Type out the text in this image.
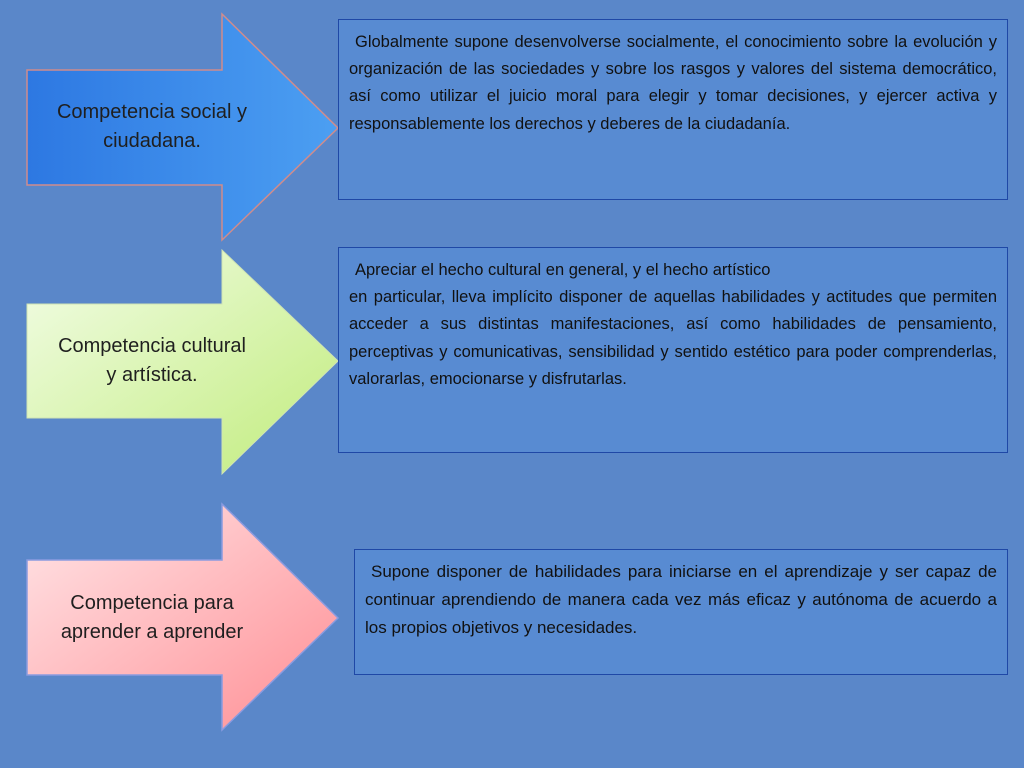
Competencia social y
ciudadana.

Globalmente supone desenvolverse socialmente, el conocimiento sobre la evolución y organización de las sociedades y sobre los rasgos y valores del sistema democrático, así como utilizar el juicio moral para elegir y tomar decisiones, y ejercer activa y responsablemente los derechos y deberes de la ciudadanía.

Competencia cultural
y artística.

Apreciar el hecho cultural en general, y el hecho artístico

en particular, lleva implícito disponer de aquellas habilidades y actitudes que permiten acceder a sus distintas manifestaciones, así como habilidades de pensamiento, perceptivas y comunicativas, sensibilidad y sentido estético para poder comprenderlas, valorarlas, emocionarse y disfrutarlas.

Competencia para
aprender a aprender

Supone disponer de habilidades para iniciarse en el aprendizaje y ser capaz de continuar aprendiendo de manera cada vez más eficaz y autónoma de acuerdo a los propios objetivos y necesidades.
